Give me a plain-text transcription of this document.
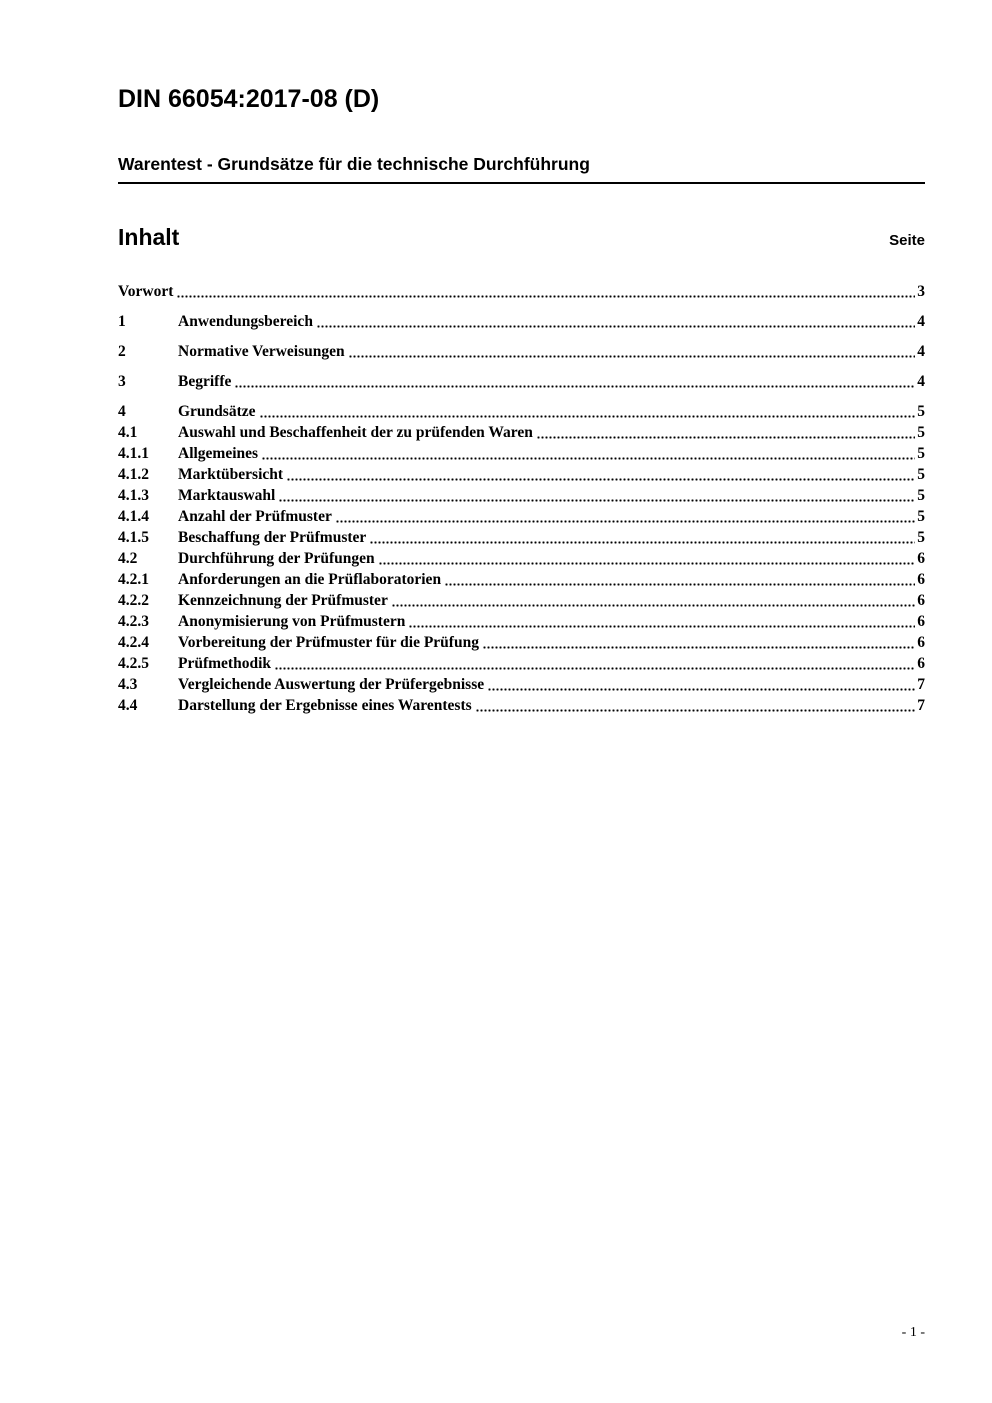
DIN 66054:2017-08 (D)
Warentest - Grundsätze für die technische Durchführung
Inhalt	Seite
Vorwort	3
1	Anwendungsbereich	4
2	Normative Verweisungen	4
3	Begriffe	4
4	Grundsätze	5
4.1	Auswahl und Beschaffenheit der zu prüfenden Waren	5
4.1.1	Allgemeines	5
4.1.2	Marktübersicht	5
4.1.3	Marktauswahl	5
4.1.4	Anzahl der Prüfmuster	5
4.1.5	Beschaffung der Prüfmuster	5
4.2	Durchführung der Prüfungen	6
4.2.1	Anforderungen an die Prüflaboratorien	6
4.2.2	Kennzeichnung der Prüfmuster	6
4.2.3	Anonymisierung von Prüfmustern	6
4.2.4	Vorbereitung der Prüfmuster für die Prüfung	6
4.2.5	Prüfmethodik	6
4.3	Vergleichende Auswertung der Prüfergebnisse	7
4.4	Darstellung der Ergebnisse eines Warentests	7
- 1 -
